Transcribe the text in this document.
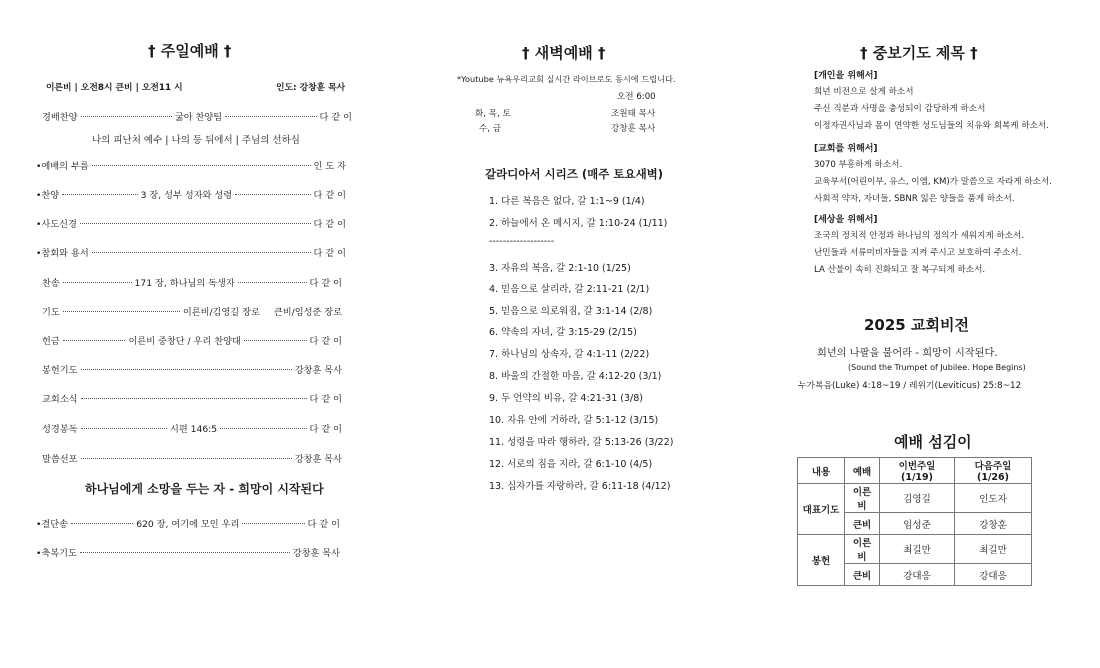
† 주일예배 †
이른비 | 오전8시 큰비 | 오전11 시	인도: 강창훈 목사
경배찬양	굶아 찬양팀	다 같 이
나의 피난처 예수 | 나의 등 뒤에서 | 주님의 선하심
•예배의 부름	인 도 자
•찬양	3 장, 성부 성자와 성령	다 같 이
•사도신경	다 같 이
•참회와 용서	다 같 이
찬송	171 장, 하나님의 독생자	다 같 이
기도	이른비/김영길 장로 큰비/임성준 장로
헌금	이른비 중창단 / 우리 찬양대	다 같 이
봉헌기도	강창훈 목사
교회소식	다 같 이
성경봉독	시편 146:5	다 같 이
말씀선포	강창훈 목사
하나님에게 소망을 두는 자 - 희망이 시작된다
•결단송	620 장, 여기에 모인 우리	다 같 이
•축복기도	강창훈 목사
† 새벽예배 †
*Youtube 뉴욕우리교회 실시간 라이브로도 동시에 드립니다.
오전 6:00
화, 목, 토	조원태 목사
수, 금	강창훈 목사
갈라디아서 시리즈 (매주 토요새벽)
1. 다른 복음은 없다, 갈 1:1~9 (1/4)
2. 하늘에서 온 메시지, 갈 1:10-24 (1/11)
-------------------
3. 자유의 복음, 갈 2:1-10 (1/25)
4. 믿음으로 살리라, 갈 2:11-21 (2/1)
5. 믿음으로 의로워짐, 갈 3:1-14 (2/8)
6. 약속의 자녀, 갈 3:15-29 (2/15)
7. 하나님의 상속자, 갈 4:1-11 (2/22)
8. 바울의 간절한 마음, 갈 4:12-20 (3/1)
9. 두 언약의 비유, 갈 4:21-31 (3/8)
10. 자유 안에 거하라, 갈 5:1-12 (3/15)
11. 성령을 따라 행하라, 갈 5:13-26 (3/22)
12. 서로의 짐을 지라, 갈 6:1-10 (4/5)
13. 십자가를 자랑하라, 갈 6:11-18 (4/12)
† 중보기도 제목 †
[개인을 위해서]
희년 비전으로 살게 하소서
주신 직분과 사명을 충성되이 감당하게 하소서
이정자권사님과 몸이 연약한 성도님들의 치유와 회복케 하소서.
[교회를 위해서]
3070 부흥하게 하소서.
교육부서(어린이부, 유스, 이엠, KM)가 말씀으로 자라게 하소서.
사회적 약자, 자녀들, SBNR 잃은 양들을 품게 하소서.
[세상을 위해서]
조국의 정치적 안정과 하나님의 정의가 세워지게 하소서.
난민들과 서류미비자들을 지켜 주시고 보호하여 주소서.
LA 산불이 속히 진화되고 잘 복구되게 하소서.
2025 교회비전
희년의 나팔을 불어라 - 희망이 시작된다.
(Sound the Trumpet of Jubilee. Hope Begins)
누가복음(Luke) 4:18~19 / 레위기(Leviticus) 25:8~12
예배 섬김이
내용	예배	이번주일(1/19)	다음주일(1/26)
대표기도	이른비	김영길	인도자
	큰비	임성준	강창훈
봉헌	이른비	최길만	최길만
	큰비	강대응	강대응
